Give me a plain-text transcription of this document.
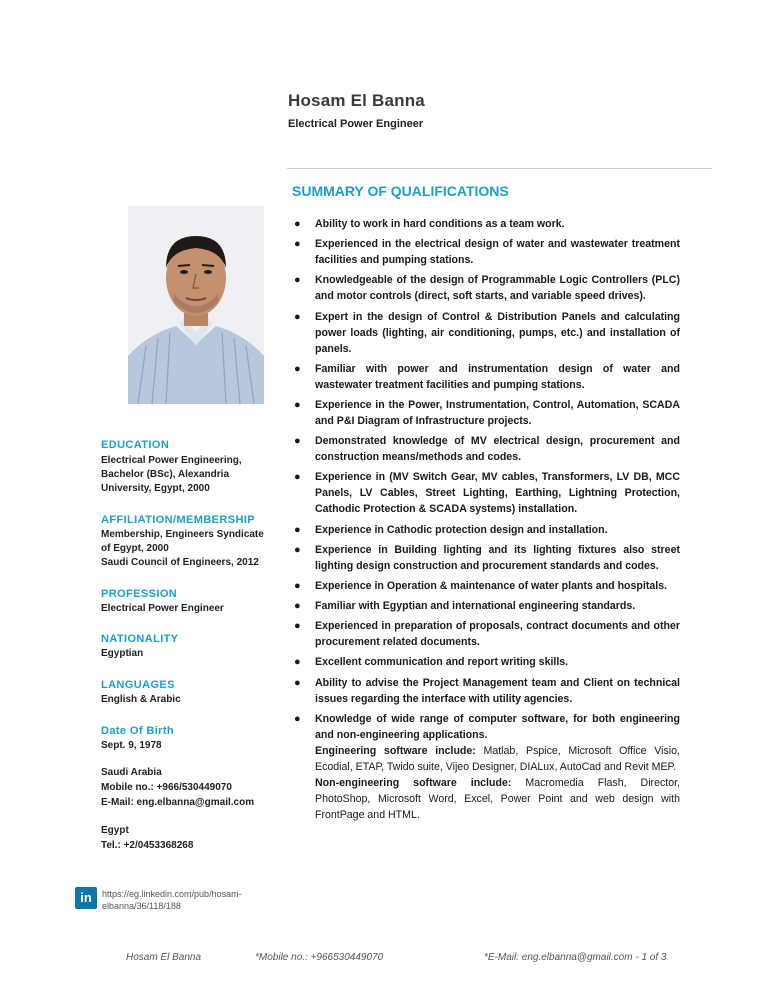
Hosam El Banna
Electrical Power Engineer
SUMMARY OF QUALIFICATIONS
EDUCATION
Electrical Power Engineering, Bachelor (BSc), Alexandria University, Egypt, 2000
AFFILIATION/MEMBERSHIP
Membership, Engineers Syndicate of Egypt, 2000
Saudi Council of Engineers, 2012
PROFESSION
Electrical Power Engineer
NATIONALITY
Egyptian
LANGUAGES
English & Arabic
Date Of Birth
Sept. 9, 1978
Saudi Arabia
Mobile no.: +966/530449070
E-Mail: eng.elbanna@gmail.com
Egypt
Tel.: +2/0453368268
in	https://eg.linkedin.com/pub/hosam-elbanna/36/118/188
● Ability to work in hard conditions as a team work.
● Experienced in the electrical design of water and wastewater treatment facilities and pumping stations.
● Knowledgeable of the design of Programmable Logic Controllers (PLC) and motor controls (direct, soft starts, and variable speed drives).
● Expert in the design of Control & Distribution Panels and calculating power loads (lighting, air conditioning, pumps, etc.) and installation of panels.
● Familiar with power and instrumentation design of water and wastewater treatment facilities and pumping stations.
● Experience in the Power, Instrumentation, Control, Automation, SCADA and P&I Diagram of Infrastructure projects.
● Demonstrated knowledge of MV electrical design, procurement and construction means/methods and codes.
● Experience in (MV Switch Gear, MV cables, Transformers, LV DB, MCC Panels, LV Cables, Street Lighting, Earthing, Lightning Protection, Cathodic Protection & SCADA systems) installation.
● Experience in Cathodic protection design and installation.
● Experience in Building lighting and its lighting fixtures also street lighting design construction and procurement standards and codes.
● Experience in Operation & maintenance of water plants and hospitals.
● Familiar with Egyptian and international engineering standards.
● Experienced in preparation of proposals, contract documents and other procurement related documents.
● Excellent communication and report writing skills.
● Ability to advise the Project Management team and Client on technical issues regarding the interface with utility agencies.
● Knowledge of wide range of computer software, for both engineering and non-engineering applications.
Engineering software include: Matlab, Pspice, Microsoft Office Visio, Ecodial, ETAP, Twido suite, Vijeo Designer, DIALux, AutoCad and Revit MEP.
Non-engineering software include: Macromedia Flash, Director, PhotoShop, Microsoft Word, Excel, Power Point and web design with FrontPage and HTML.
Hosam El Banna	*Mobile no.: +966530449070	*E-Mail: eng.elbanna@gmail.com - 1 of 3
